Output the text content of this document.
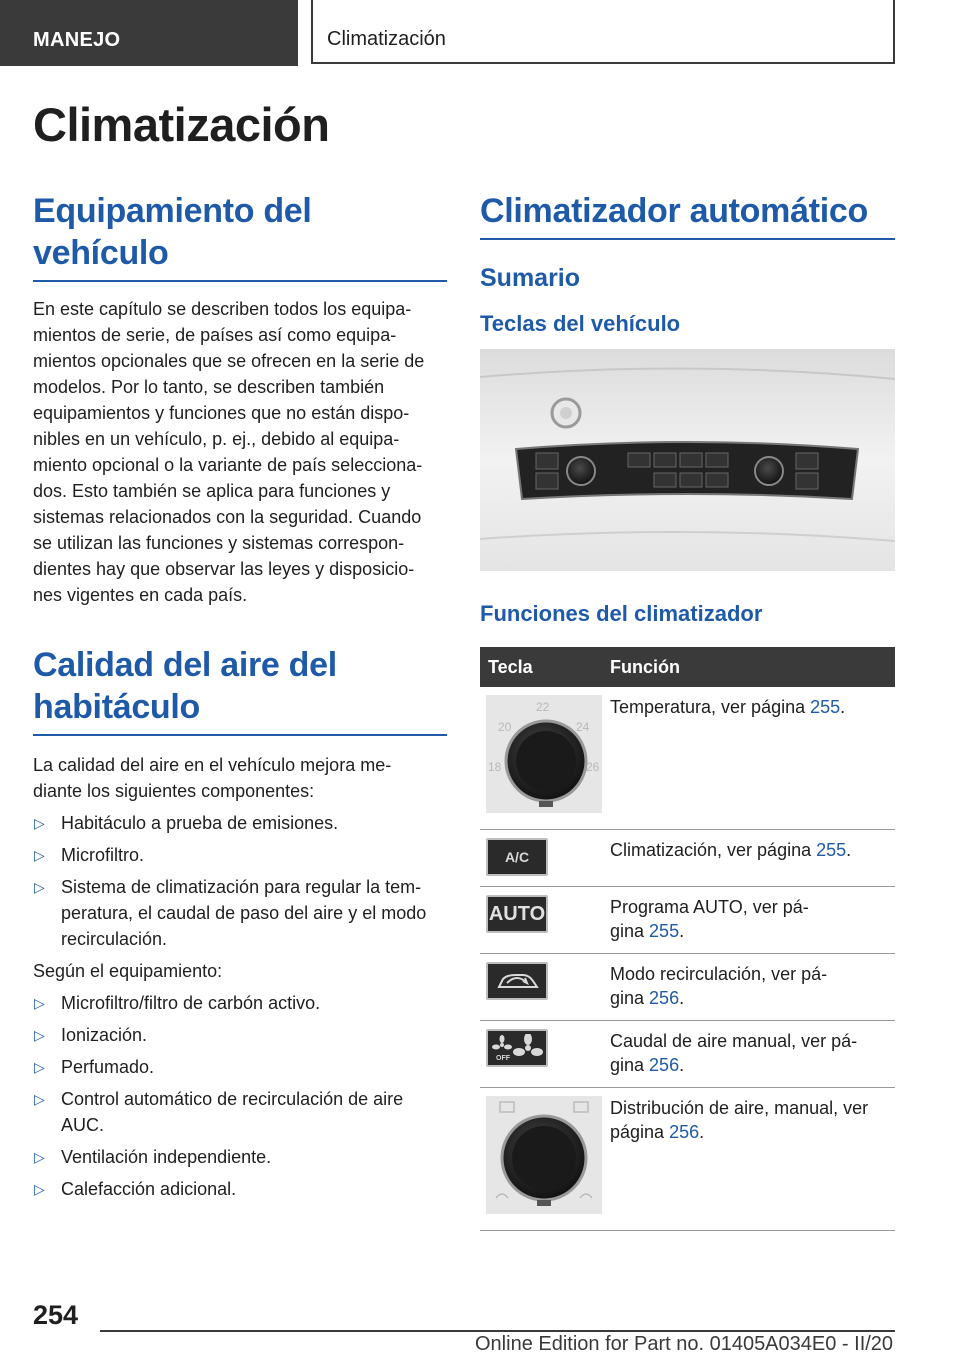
MANEJO	Climatización
Climatización
Equipamiento del vehículo

En este capítulo se describen todos los equipa-
mientos de serie, de países así como equipa-
mientos opcionales que se ofrecen en la serie de
modelos. Por lo tanto, se describen también
equipamientos y funciones que no están dispo-
nibles en un vehículo, p. ej., debido al equipa-
miento opcional o la variante de país selecciona-
dos. Esto también se aplica para funciones y
sistemas relacionados con la seguridad. Cuando
se utilizan las funciones y sistemas correspon-
dientes hay que observar las leyes y disposicio-
nes vigentes en cada país.

Calidad del aire del
habitáculo

La calidad del aire en el vehículo mejora me-
diante los siguientes componentes:

▷ Habitáculo a prueba de emisiones.
▷ Microfiltro.
▷ Sistema de climatización para regular la tem-
peratura, el caudal de paso del aire y el modo
recirculación.

Según el equipamiento:

▷ Microfiltro/filtro de carbón activo.
▷ Ionización.
▷ Perfumado.
▷ Control automático de recirculación de aire
AUC.
▷ Ventilación independiente.
▷ Calefacción adicional.
Climatizador automático
Sumario
Teclas del vehículo
Funciones del climatizador
Tecla	Función

22
20 24
18 26	Temperatura, ver página 255.

A/C	Climatización, ver página 255.

AUTO	Programa AUTO, ver pá-
gina 255.

	Modo recirculación, ver pá-
gina 256.

OFF	Caudal de aire manual, ver pá-
gina 256.
	Distribución de aire, manual, ver
página 256.
254
Online Edition for Part no. 01405A034E0 - II/20
